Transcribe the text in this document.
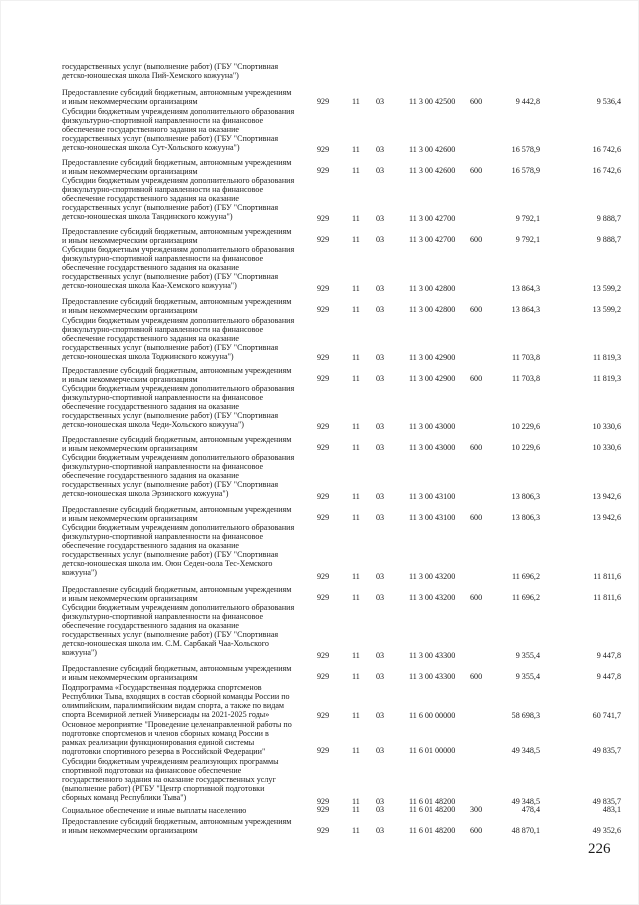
государственных услуг (выполнение работ) (ГБУ "Спортивная
детско-юношеская школа Пий-Хемского кожууна")
Предоставление субсидий бюджетным, автономным учреждениям
и иным некоммерческим организациям	929	11 03	11 3 00 42500 600	9 442,8	9 536,4
Субсидии бюджетным учреждениям дополнительного образования
физкультурно-спортивной направленности на финансовое
обеспечение государственного задания на оказание
государственных услуг (выполнение работ) (ГБУ "Спортивная
детско-юношеская школа Сут-Хольского кожууна")	929	11 03	11 3 00 42600	16 578,9	16 742,6
Предоставление субсидий бюджетным, автономным учреждениям
и иным некоммерческим организациям	929	11 03	11 3 00 42600 600	16 578,9	16 742,6
Субсидии бюджетным учреждениям дополнительного образования
физкультурно-спортивной направленности на финансовое
обеспечение государственного задания на оказание
государственных услуг (выполнение работ) (ГБУ "Спортивная
детско-юношеская школа Тандинского кожууна")	929	11 03	11 3 00 42700	9 792,1	9 888,7
Предоставление субсидий бюджетным, автономным учреждениям
и иным некоммерческим организациям	929	11 03	11 3 00 42700 600	9 792,1	9 888,7
Субсидии бюджетным учреждениям дополнительного образования
физкультурно-спортивной направленности на финансовое
обеспечение государственного задания на оказание
государственных услуг (выполнение работ) (ГБУ "Спортивная
детско-юношеская школа Каа-Хемского кожууна")	929	11 03	11 3 00 42800	13 864,3	13 599,2
Предоставление субсидий бюджетным, автономным учреждениям
и иным некоммерческим организациям	929	11 03	11 3 00 42800 600	13 864,3	13 599,2
Субсидии бюджетным учреждениям дополнительного образования
физкультурно-спортивной направленности на финансовое
обеспечение государственного задания на оказание
государственных услуг (выполнение работ) (ГБУ "Спортивная
детско-юношеская школа Тоджинского кожууна")	929	11 03	11 3 00 42900	11 703,8	11 819,3
Предоставление субсидий бюджетным, автономным учреждениям
и иным некоммерческим организациям	929	11 03	11 3 00 42900 600	11 703,8	11 819,3
Субсидии бюджетным учреждениям дополнительного образования
физкультурно-спортивной направленности на финансовое
обеспечение государственного задания на оказание
государственных услуг (выполнение работ) (ГБУ "Спортивная
детско-юношеская школа Чеди-Хольского кожууна")	929	11 03	11 3 00 43000	10 229,6	10 330,6
Предоставление субсидий бюджетным, автономным учреждениям
и иным некоммерческим организациям	929	11 03	11 3 00 43000 600	10 229,6	10 330,6
Субсидии бюджетным учреждениям дополнительного образования
физкультурно-спортивной направленности на финансовое
обеспечение государственного задания на оказание
государственных услуг (выполнение работ) (ГБУ "Спортивная
детско-юношеская школа Эрзинского кожууна")	929	11 03	11 3 00 43100	13 806,3	13 942,6
Предоставление субсидий бюджетным, автономным учреждениям
и иным некоммерческим организациям	929	11 03	11 3 00 43100 600	13 806,3	13 942,6
Субсидии бюджетным учреждениям дополнительного образования
физкультурно-спортивной направленности на финансовое
обеспечение государственного задания на оказание
государственных услуг (выполнение работ) (ГБУ "Спортивная
детско-юношеская школа им. Оюн Седен-оола Тес-Хемского
кожууна")	929	11 03	11 3 00 43200	11 696,2	11 811,6
Предоставление субсидий бюджетным, автономным учреждениям
и иным некоммерческим организациям	929	11 03	11 3 00 43200 600	11 696,2	11 811,6
Субсидии бюджетным учреждениям дополнительного образования
физкультурно-спортивной направленности на финансовое
обеспечение государственного задания на оказание
государственных услуг (выполнение работ) (ГБУ "Спортивная
детско-юношеская школа им. С.М. Сарбакай Чаа-Хольского
кожууна")	929	11 03	11 3 00 43300	9 355,4	9 447,8
Предоставление субсидий бюджетным, автономным учреждениям
и иным некоммерческим организациям	929	11 03	11 3 00 43300 600	9 355,4	9 447,8
Подпрограмма «Государственная поддержка спортсменов
Республики Тыва, входящих в состав сборной команды России по
олимпийским, паралимпийским видам спорта, а также по видам
спорта Всемирной летней Универсиады на 2021-2025 годы»	929	11 03	11 6 00 00000	58 698,3	60 741,7
Основное мероприятие "Проведение целенаправленной работы по
подготовке спортсменов и членов сборных команд России в
рамках реализации функционирования единой системы
подготовки спортивного резерва в Российской Федерации"	929	11 03	11 6 01 00000	49 348,5	49 835,7
Субсидии бюджетным учреждениям реализующих программы
спортивной подготовки на финансовое обеспечение
государственного задания на оказание государственных услуг
(выполнение работ) (РГБУ "Центр спортивной подготовки
сборных команд Республики Тыва")	929	11 03	11 6 01 48200	49 348,5	49 835,7
Социальное обеспечение и иные выплаты населению	929	11 03	11 6 01 48200 300	478,4	483,1
Предоставление субсидий бюджетным, автономным учреждениям
и иным некоммерческим организациям	929	11 03	11 6 01 48200 600	48 870,1	49 352,6
226
